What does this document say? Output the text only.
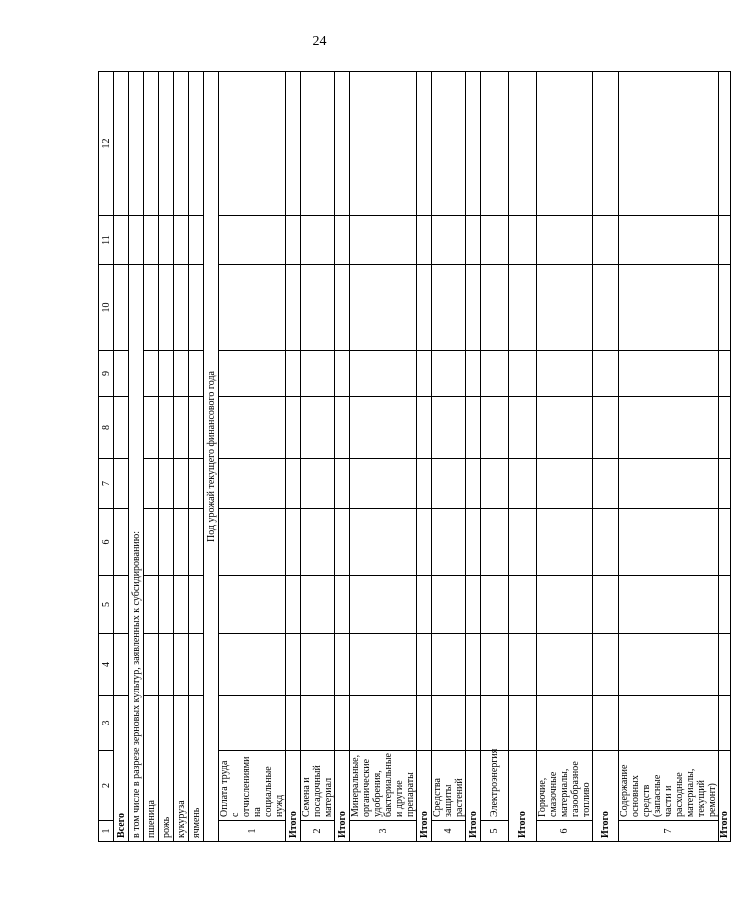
24
1	2	3	4	5	6	7	8	9	10	11	12
Всего											
в том числе в разрезе зерновых культур, заявленных к субсидированию:											
пшеница											
рожь											
кукуруза											
ячмень											
Под урожай текущего финансового года											
1	Оплата труда с отчислениями на социальные нужд										
Итого											
2	Семена и посадочный материал										
Итого											
3	Минеральные, органические удобрения, бактериальные и другие препараты										
Итого											
4	Средства защиты растений										
Итого											
5	Электроэнергия										
Итого											
6	Горючие, смазочные материалы, газообразное топливо										
Итого											
7	Содержание основных средств (запасные части и расходные материалы, текущий ремонт)										
Итого											
